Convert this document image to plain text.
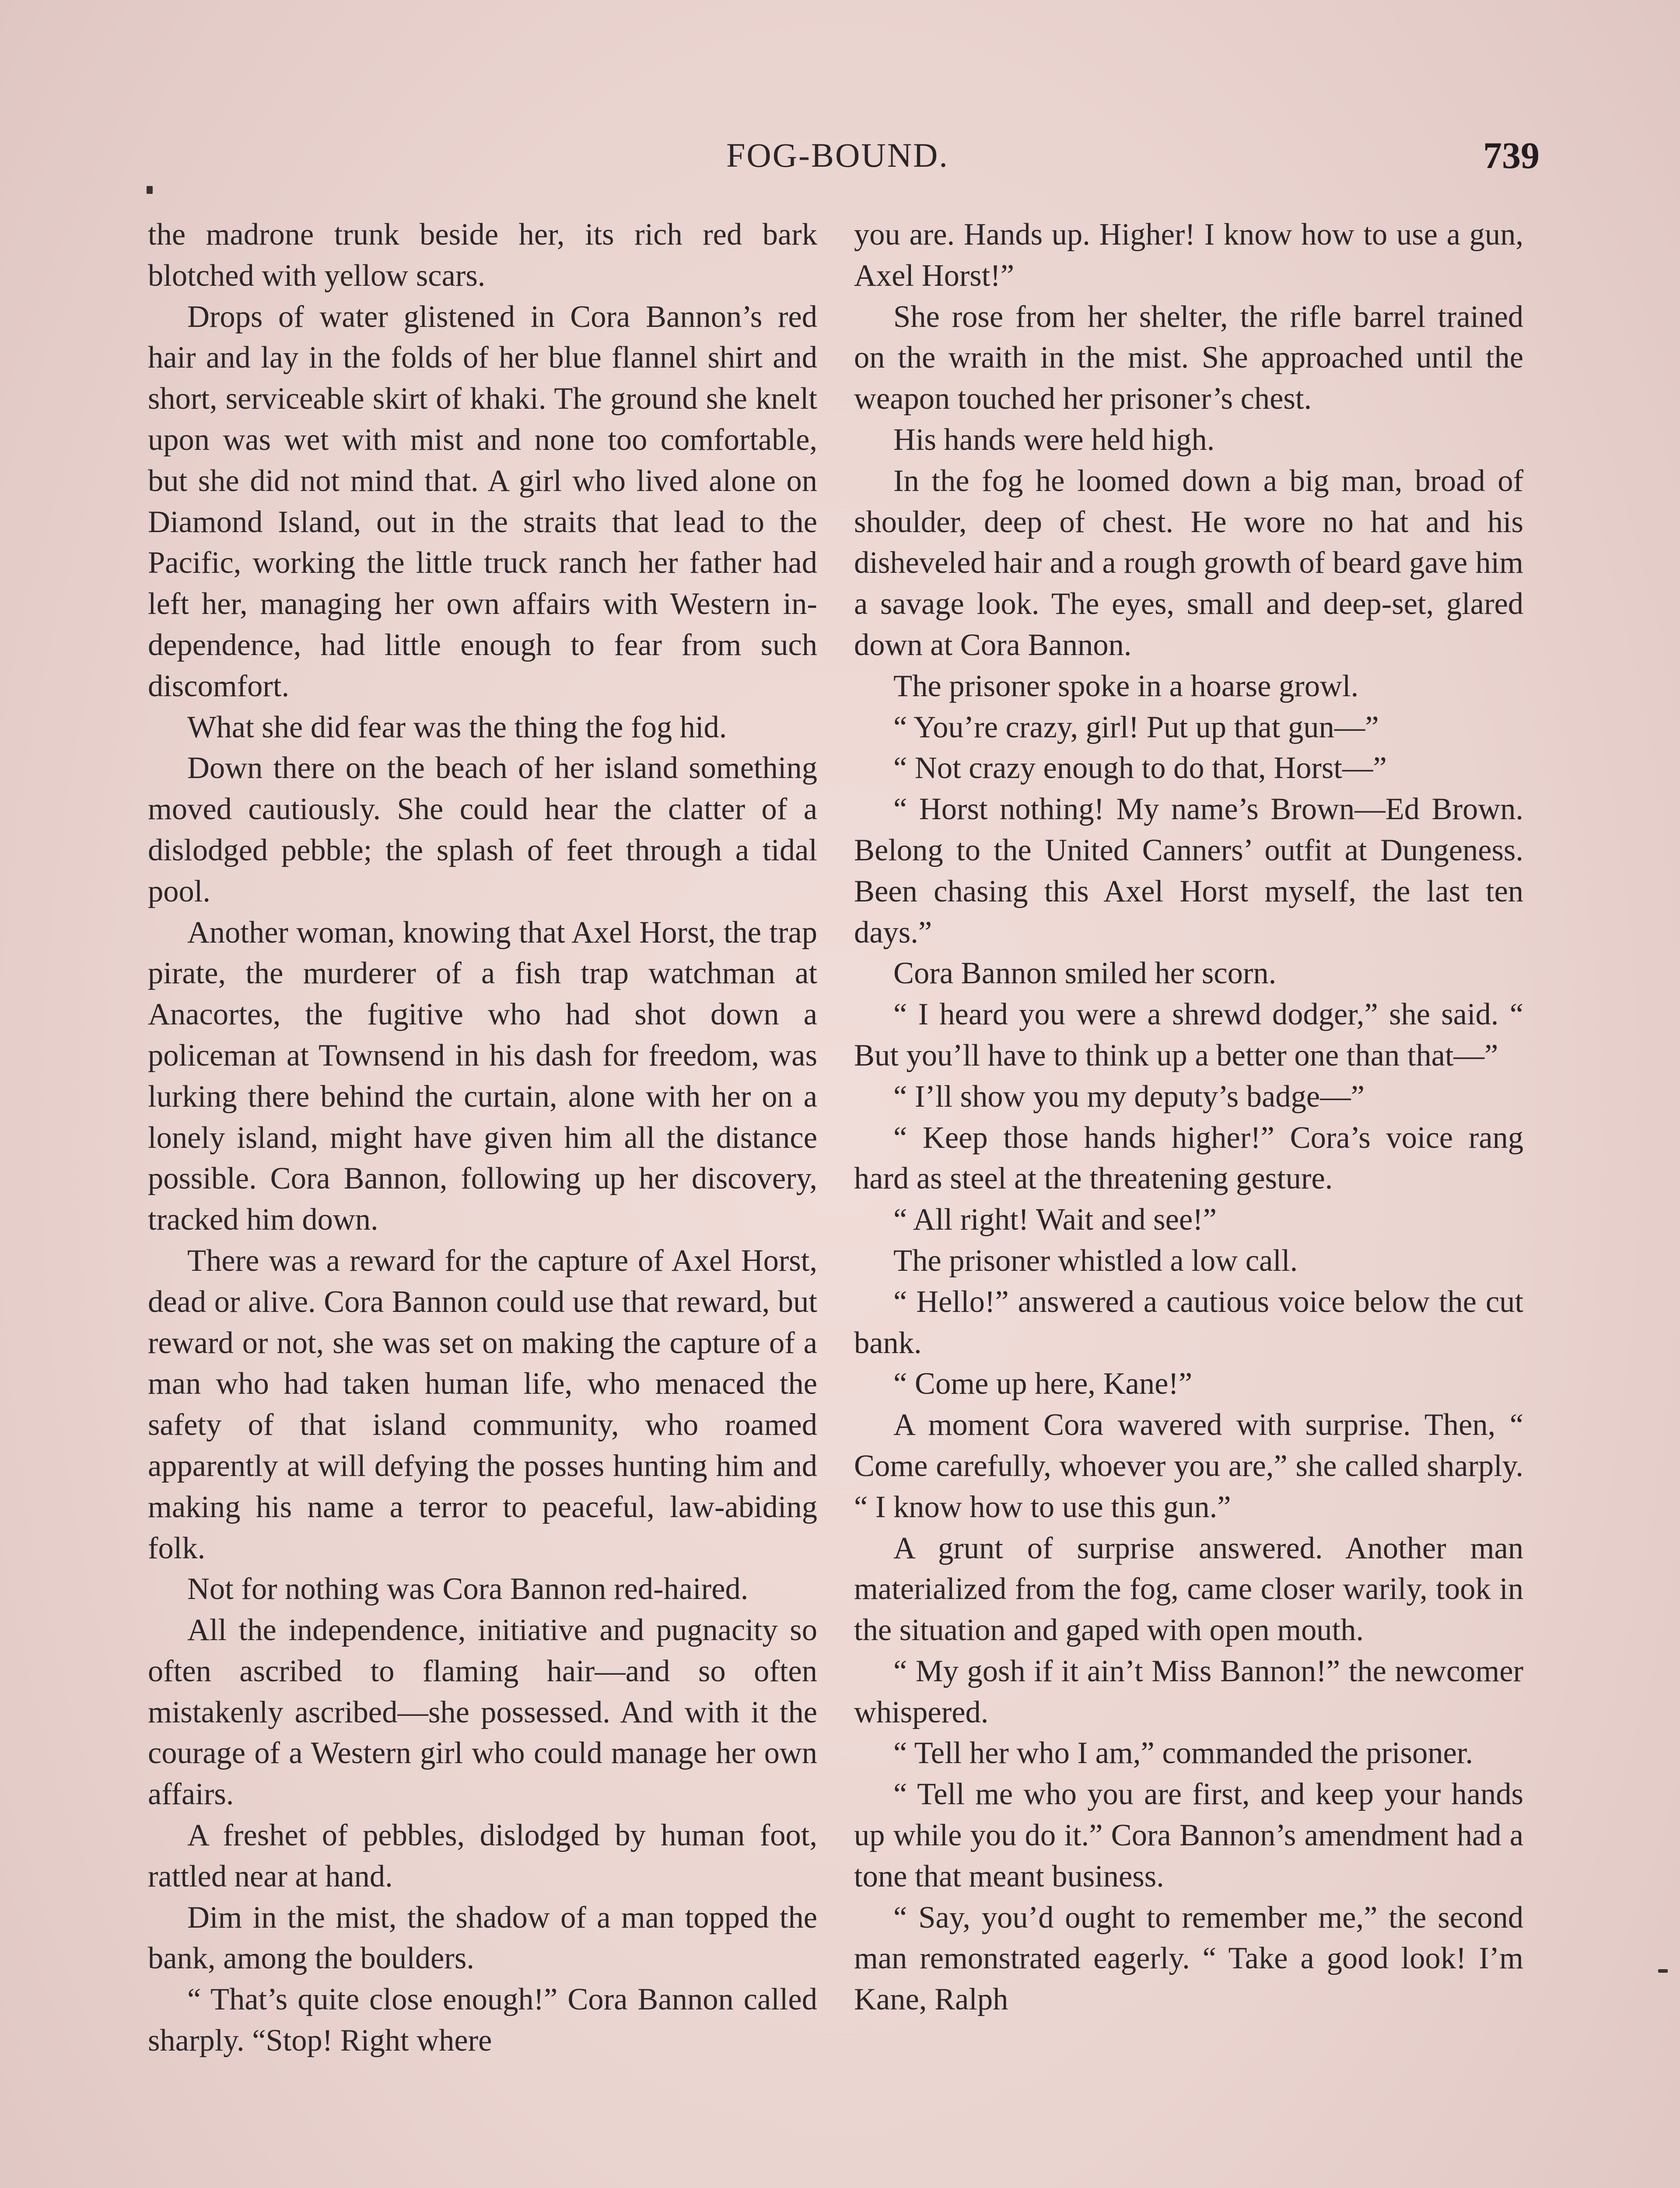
FOG-BOUND.	739

the madrone trunk beside her, its rich red bark blotched with yellow scars.

Drops of water glistened in Cora Bannon’s red hair and lay in the folds of her blue flannel shirt and short, serviceable skirt of khaki. The ground she knelt upon was wet with mist and none too comfortable, but she did not mind that. A girl who lived alone on Diamond Island, out in the straits that lead to the Pacific, working the little truck ranch her father had left her, managing her own affairs with Western independence, had little enough to fear from such discomfort.

What she did fear was the thing the fog hid.

Down there on the beach of her island something moved cautiously. She could hear the clatter of a dislodged pebble; the splash of feet through a tidal pool.

Another woman, knowing that Axel Horst, the trap pirate, the murderer of a fish trap watchman at Anacortes, the fugitive who had shot down a policeman at Townsend in his dash for freedom, was lurking there behind the curtain, alone with her on a lonely island, might have given him all the distance possible. Cora Bannon, following up her discovery, tracked him down.

There was a reward for the capture of Axel Horst, dead or alive. Cora Bannon could use that reward, but reward or not, she was set on making the capture of a man who had taken human life, who menaced the safety of that island community, who roamed apparently at will defying the posses hunting him and making his name a terror to peaceful, law-abiding folk.

Not for nothing was Cora Bannon red-haired.

All the independence, initiative and pugnacity so often ascribed to flaming hair—and so often mistakenly ascribed—she possessed. And with it the courage of a Western girl who could manage her own affairs.

A freshet of pebbles, dislodged by human foot, rattled near at hand.

Dim in the mist, the shadow of a man topped the bank, among the boulders.

“ That’s quite close enough!” Cora Bannon called sharply. “Stop! Right where

you are. Hands up. Higher! I know how to use a gun, Axel Horst!”

She rose from her shelter, the rifle barrel trained on the wraith in the mist. She approached until the weapon touched her prisoner’s chest.

His hands were held high.

In the fog he loomed down a big man, broad of shoulder, deep of chest. He wore no hat and his disheveled hair and a rough growth of beard gave him a savage look. The eyes, small and deep-set, glared down at Cora Bannon.

The prisoner spoke in a hoarse growl.

“ You’re crazy, girl! Put up that gun—”

“ Not crazy enough to do that, Horst—”

“ Horst nothing! My name’s Brown—Ed Brown. Belong to the United Canners’ outfit at Dungeness. Been chasing this Axel Horst myself, the last ten days.”

Cora Bannon smiled her scorn.

“ I heard you were a shrewd dodger,” she said. “ But you’ll have to think up a better one than that—”

“ I’ll show you my deputy’s badge—”

“ Keep those hands higher!” Cora’s voice rang hard as steel at the threatening gesture.

“ All right! Wait and see!”

The prisoner whistled a low call.

“ Hello!” answered a cautious voice below the cut bank.

“ Come up here, Kane!”

A moment Cora wavered with surprise. Then, “ Come carefully, whoever you are,” she called sharply. “ I know how to use this gun.”

A grunt of surprise answered. Another man materialized from the fog, came closer warily, took in the situation and gaped with open mouth.

“ My gosh if it ain’t Miss Bannon!” the newcomer whispered.

“ Tell her who I am,” commanded the prisoner.

“ Tell me who you are first, and keep your hands up while you do it.” Cora Bannon’s amendment had a tone that meant business.

“ Say, you’d ought to remember me,” the second man remonstrated eagerly. “ Take a good look! I’m Kane, Ralph
